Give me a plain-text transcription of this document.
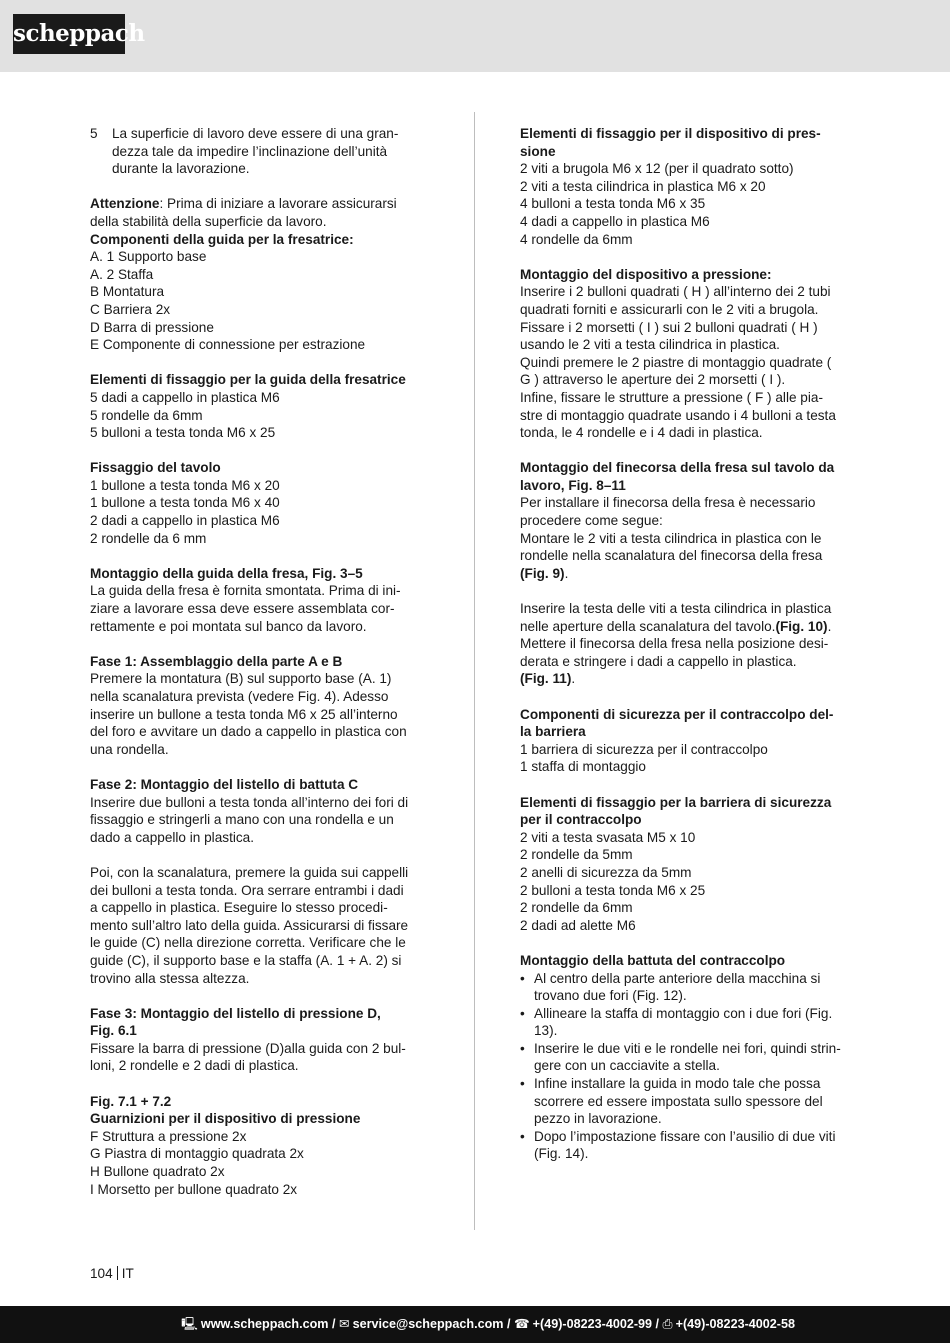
scheppach
5 La superficie di lavoro deve essere di una gran-
dezza tale da impedire l’inclinazione dell’unità
durante la lavorazione.
Attenzione: Prima di iniziare a lavorare assicurarsi
della stabilità della superficie da lavoro.
Componenti della guida per la fresatrice:
A. 1 Supporto base
A. 2 Staffa
B Montatura
C Barriera 2x
D Barra di pressione
E Componente di connessione per estrazione
Elementi di fissaggio per la guida della fresatrice
5 dadi a cappello in plastica M6
5 rondelle da 6mm
5 bulloni a testa tonda M6 x 25
Fissaggio del tavolo
1 bullone a testa tonda M6 x 20
1 bullone a testa tonda M6 x 40
2 dadi a cappello in plastica M6
2 rondelle da 6 mm
Montaggio della guida della fresa, Fig. 3–5
La guida della fresa è fornita smontata. Prima di ini-
ziare a lavorare essa deve essere assemblata cor-
rettamente e poi montata sul banco da lavoro.
Fase 1: Assemblaggio della parte A e B
Premere la montatura (B) sul supporto base (A. 1)
nella scanalatura prevista (vedere Fig. 4). Adesso
inserire un bullone a testa tonda M6 x 25 all’interno
del foro e avvitare un dado a cappello in plastica con
una rondella.
Fase 2: Montaggio del listello di battuta C
Inserire due bulloni a testa tonda all’interno dei fori di
fissaggio e stringerli a mano con una rondella e un
dado a cappello in plastica.
Poi, con la scanalatura, premere la guida sui cappelli
dei bulloni a testa tonda. Ora serrare entrambi i dadi
a cappello in plastica. Eseguire lo stesso procedi-
mento sull’altro lato della guida. Assicurarsi di fissare
le guide (C) nella direzione corretta. Verificare che le
guide (C), il supporto base e la staffa (A. 1 + A. 2) si
trovino alla stessa altezza.
Fase 3: Montaggio del listello di pressione D,
Fig. 6.1
Fissare la barra di pressione (D)alla guida con 2 bul-
loni, 2 rondelle e 2 dadi di plastica.
Fig. 7.1 + 7.2
Guarnizioni per il dispositivo di pressione
F Struttura a pressione 2x
G Piastra di montaggio quadrata 2x
H Bullone quadrato 2x
I Morsetto per bullone quadrato 2x
Elementi di fissaggio per il dispositivo di pres-
sione
2 viti a brugola M6 x 12 (per il quadrato sotto)
2 viti a testa cilindrica in plastica M6 x 20
4 bulloni a testa tonda M6 x 35
4 dadi a cappello in plastica M6
4 rondelle da 6mm
Montaggio del dispositivo a pressione:
Inserire i 2 bulloni quadrati ( H ) all’interno dei 2 tubi
quadrati forniti e assicurarli con le 2 viti a brugola.
Fissare i 2 morsetti ( I ) sui 2 bulloni quadrati ( H )
usando le 2 viti a testa cilindrica in plastica.
Quindi premere le 2 piastre di montaggio quadrate (
G ) attraverso le aperture dei 2 morsetti ( I ).
Infine, fissare le strutture a pressione ( F ) alle pia-
stre di montaggio quadrate usando i 4 bulloni a testa
tonda, le 4 rondelle e i 4 dadi in plastica.
Montaggio del finecorsa della fresa sul tavolo da
lavoro, Fig. 8–11
Per installare il finecorsa della fresa è necessario
procedere come segue:
Montare le 2 viti a testa cilindrica in plastica con le
rondelle nella scanalatura del finecorsa della fresa
(Fig. 9).
Inserire la testa delle viti a testa cilindrica in plastica
nelle aperture della scanalatura del tavolo.(Fig. 10).
Mettere il finecorsa della fresa nella posizione desi-
derata e stringere i dadi a cappello in plastica.
(Fig. 11).
Componenti di sicurezza per il contraccolpo del-
la barriera
1 barriera di sicurezza per il contraccolpo
1 staffa di montaggio
Elementi di fissaggio per la barriera di sicurezza
per il contraccolpo
2 viti a testa svasata M5 x 10
2 rondelle da 5mm
2 anelli di sicurezza da 5mm
2 bulloni a testa tonda M6 x 25
2 rondelle da 6mm
2 dadi ad alette M6
Montaggio della battuta del contraccolpo
• Al centro della parte anteriore della macchina si
trovano due fori (Fig. 12).
• Allineare la staffa di montaggio con i due fori (Fig.
13).
• Inserire le due viti e le rondelle nei fori, quindi strin-
gere con un cacciavite a stella.
• Infine installare la guida in modo tale che possa
scorrere ed essere impostata sullo spessore del
pezzo in lavorazione.
• Dopo l’impostazione fissare con l’ausilio di due viti
(Fig. 14).
104 IT
🖳 www.scheppach.com / ✉ service@scheppach.com / ☎ +(49)-08223-4002-99 / ⎙ +(49)-08223-4002-58
